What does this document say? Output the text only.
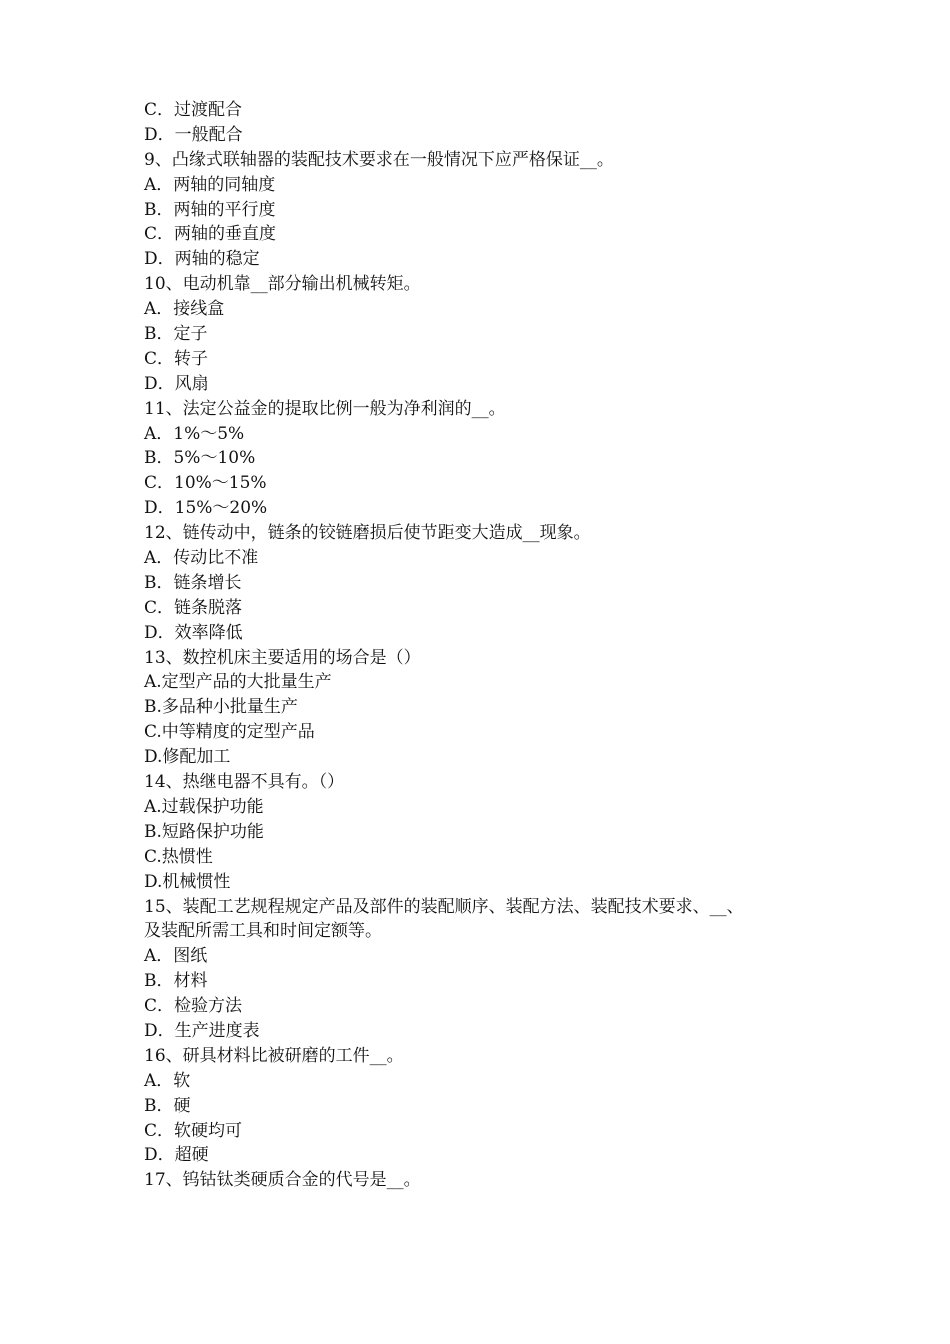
C．过渡配合
D．一般配合
9、凸缘式联轴器的装配技术要求在一般情况下应严格保证__。
A．两轴的同轴度
B．两轴的平行度
C．两轴的垂直度
D．两轴的稳定
10、电动机靠__部分输出机械转矩。
A．接线盒
B．定子
C．转子
D．风扇
11、法定公益金的提取比例一般为净利润的__。
A．1%～5%
B．5%～10%
C．10%～15%
D．15%～20%
12、链传动中，链条的铰链磨损后使节距变大造成__现象。
A．传动比不准
B．链条增长
C．链条脱落
D．效率降低
13、数控机床主要适用的场合是（）
A.定型产品的大批量生产
B.多品种小批量生产
C.中等精度的定型产品
D.修配加工
14、热继电器不具有。（）
A.过载保护功能
B.短路保护功能
C.热惯性
D.机械惯性
15、装配工艺规程规定产品及部件的装配顺序、装配方法、装配技术要求、__、
及装配所需工具和时间定额等。
A．图纸
B．材料
C．检验方法
D．生产进度表
16、研具材料比被研磨的工件__。
A．软
B．硬
C．软硬均可
D．超硬
17、钨钴钛类硬质合金的代号是__。
